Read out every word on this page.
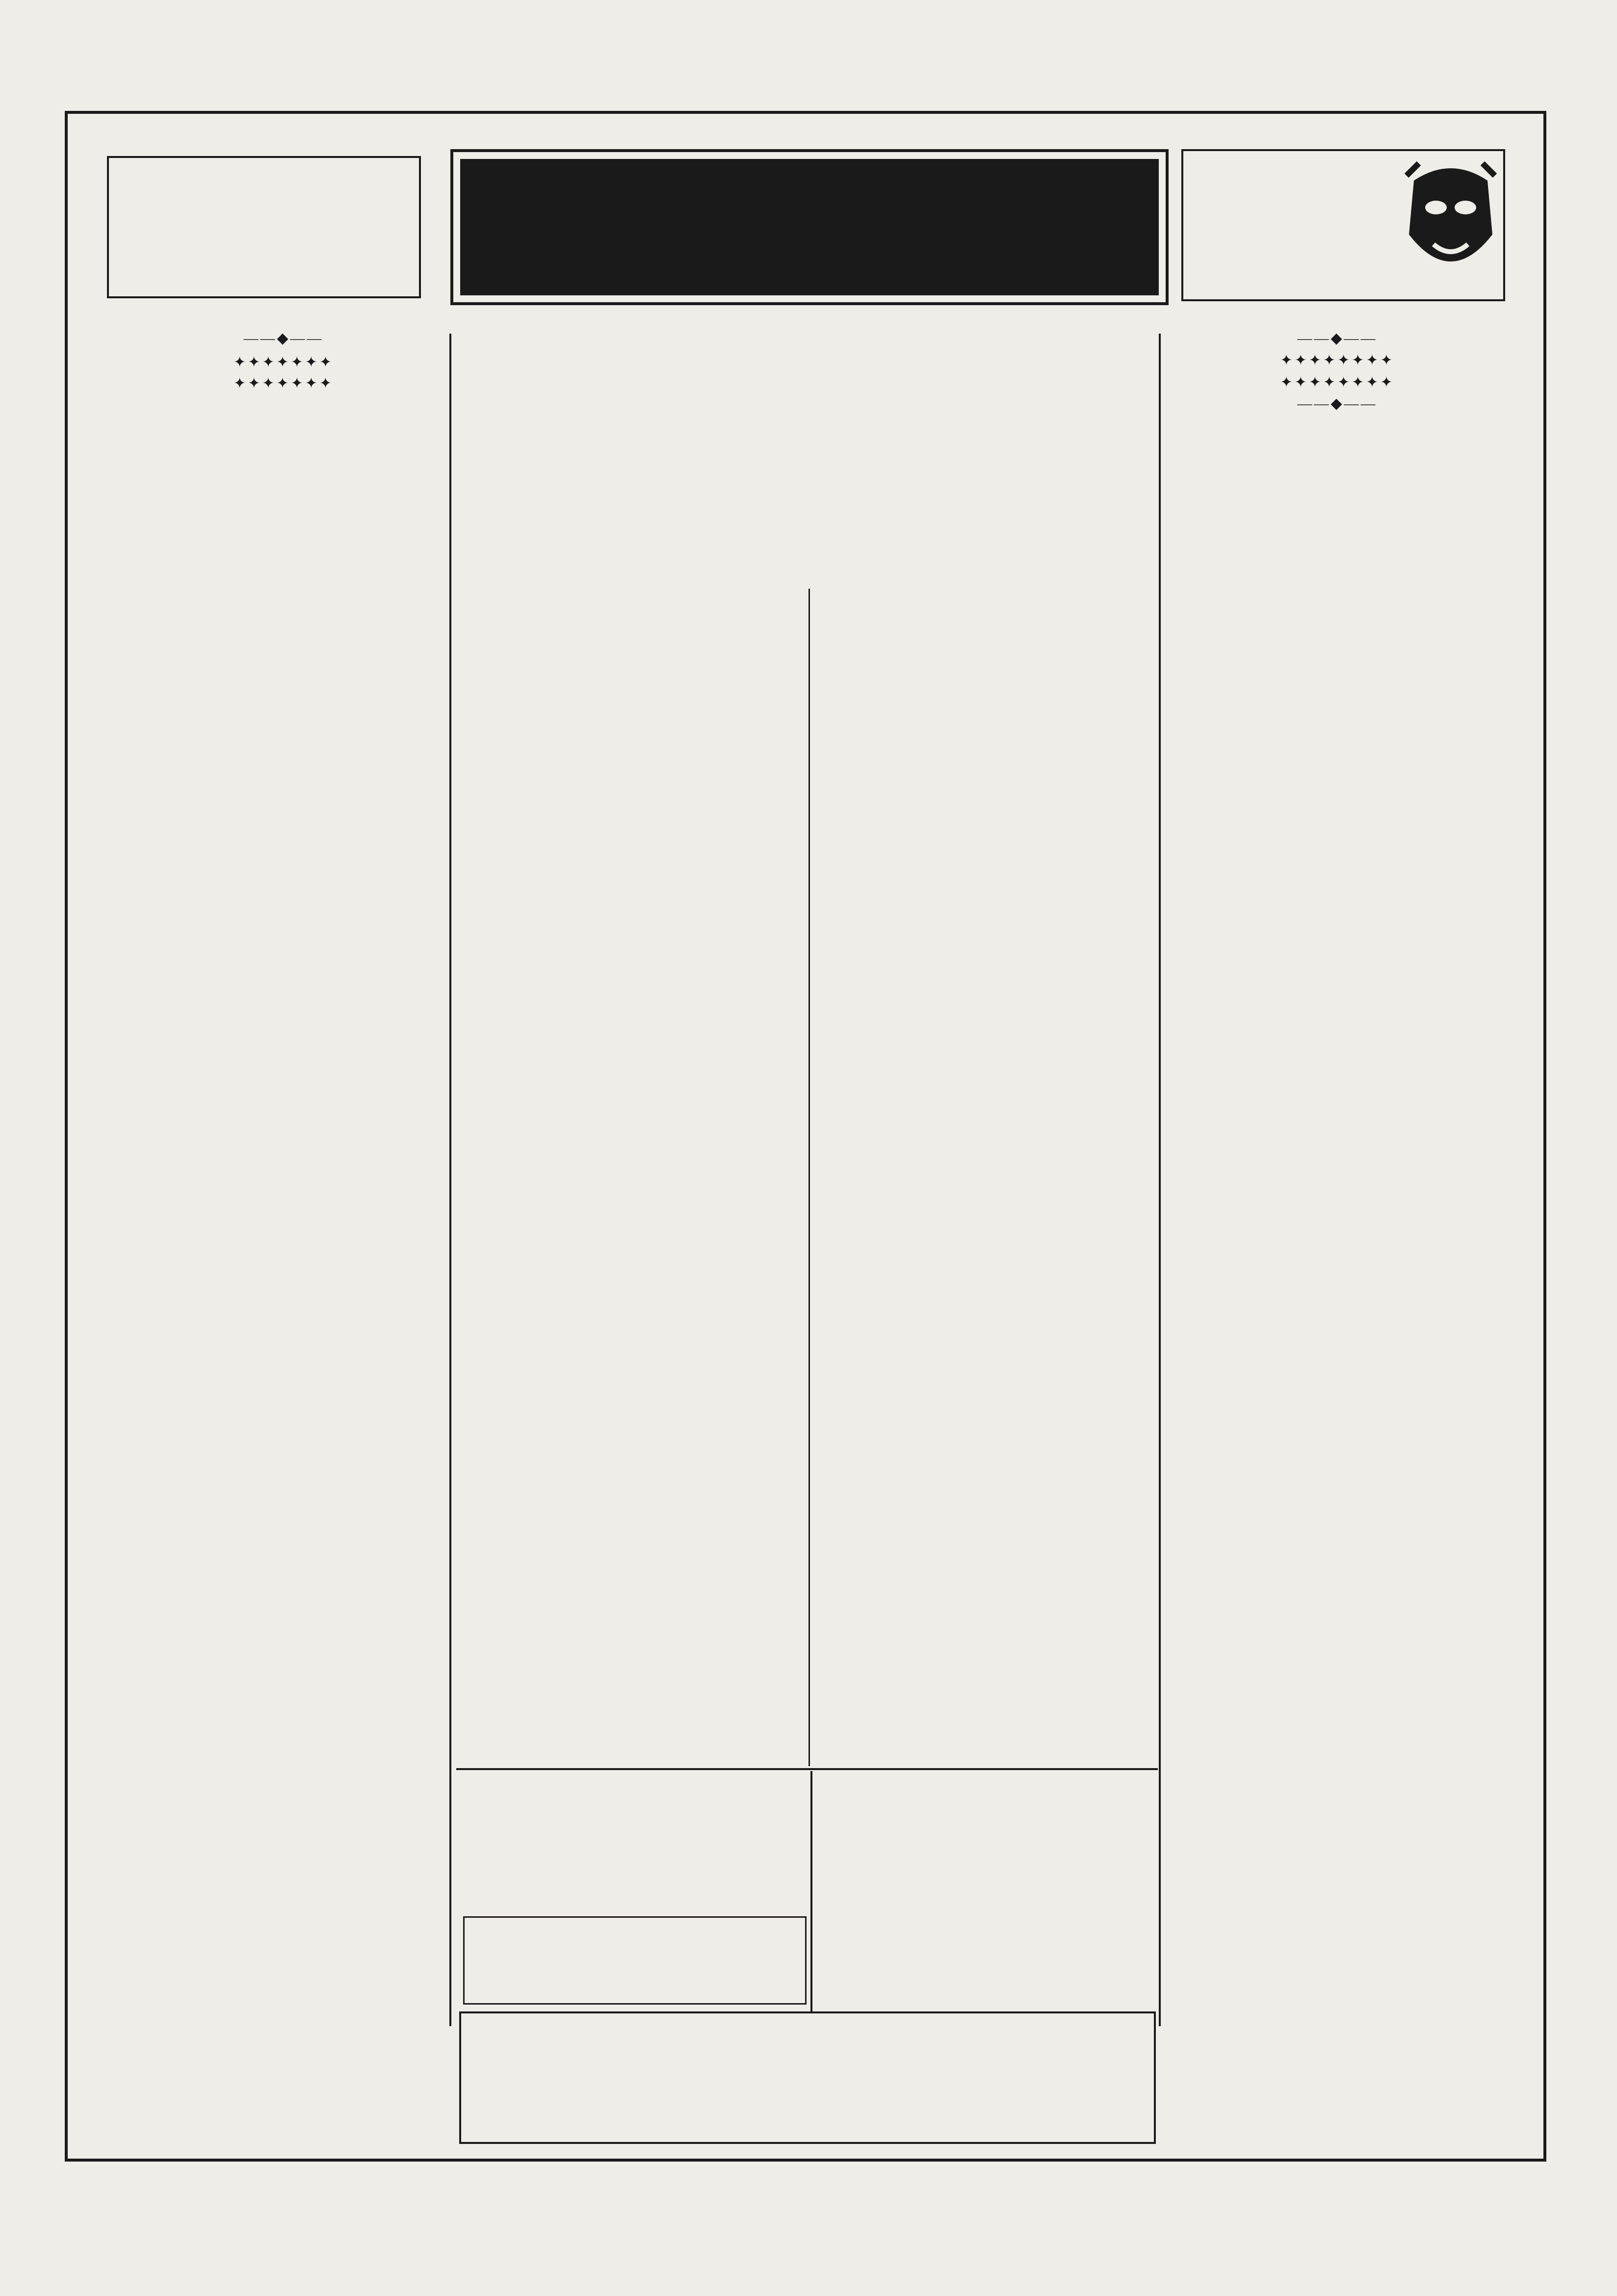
——◆——
✦✦✦✦✦✦✦
✦✦✦✦✦✦✦

——◆——
✦✦✦✦✦✦✦✦

✦✦✦✦✦✦✦✦
——◆——
